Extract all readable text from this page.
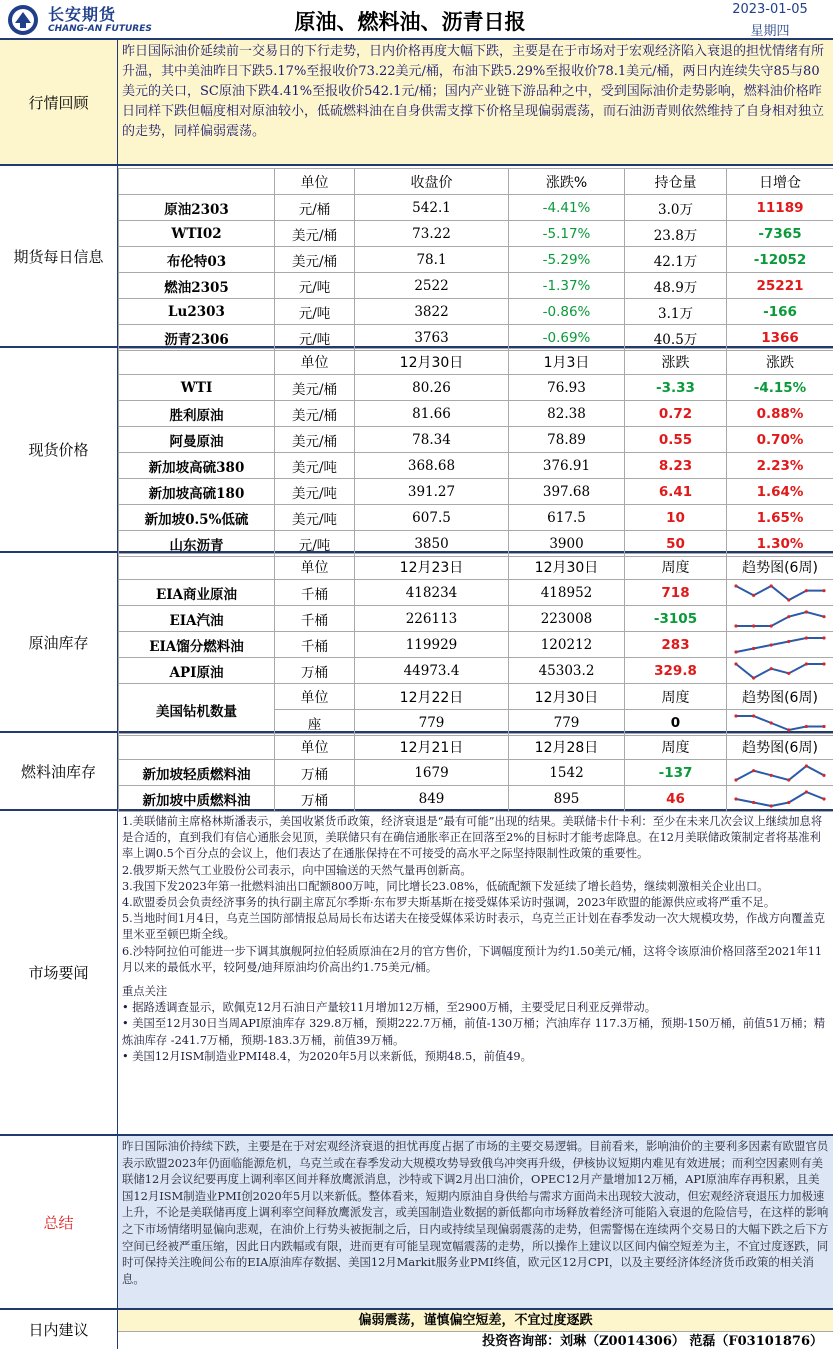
长安期货
CHANG-AN FUTURES	原油、燃料油、沥青日报
2023-01-05
星期四
行情回顾
昨日国际油价延续前一交易日的下行走势，日内价格再度大幅下跌，主要是在于市场对于宏观经济陷入衰退的担忧情绪有所升温，其中美油昨日下跌5.17%至报收价73.22美元/桶，布油下跌5.29%至报收价78.1美元/桶，两日内连续失守85与80美元的关口，SC原油下跌4.41%至报收价542.1元/桶；国内产业链下游品种之中，受到国际油价走势影响，燃料油价格昨日同样下跌但幅度相对原油较小，低硫燃料油在自身供需支撑下价格呈现偏弱震荡，而石油沥青则依然维持了自身相对独立的走势，同样偏弱震荡。
期货每日信息
	单位	收盘价	涨跌%	持仓量	日增仓
原油2303	元/桶	542.1	-4.41%	3.0万	11189
WTI02	美元/桶	73.22	-5.17%	23.8万	-7365
布伦特03	美元/桶	78.1	-5.29%	42.1万	-12052
燃油2305	元/吨	2522	-1.37%	48.9万	25221
Lu2303	元/吨	3822	-0.86%	3.1万	-166
沥青2306	元/吨	3763	-0.69%	40.5万	1366
现货价格
	单位	12月30日	1月3日	涨跌	涨跌
WTI	美元/桶	80.26	76.93	-3.33	-4.15%
胜利原油	美元/桶	81.66	82.38	0.72	0.88%
阿曼原油	美元/桶	78.34	78.89	0.55	0.70%
新加坡高硫380	美元/吨	368.68	376.91	8.23	2.23%
新加坡高硫180	美元/吨	391.27	397.68	6.41	1.64%
新加坡0.5%低硫	美元/吨	607.5	617.5	10	1.65%
山东沥青	元/吨	3850	3900	50	1.30%
原油库存
	单位	12月23日	12月30日	周度	趋势图(6周)
EIA商业原油	千桶	418234	418952	718	

EIA汽油	千桶	226113	223008	-3105	

EIA馏分燃料油	千桶	119929	120212	283	

API原油	万桶	44973.4	45303.2	329.8	

美国钻机数量	单位	12月22日	12月30日	周度	趋势图(6周)
	座	779	779	0	
燃料油库存
	单位	12月21日	12月28日	周度	趋势图(6周)
新加坡轻质燃料油	万桶	1679	1542	-137	

新加坡中质燃料油	万桶	849	895	46	
市场要闻

1.美联储前主席格林斯潘表示，美国收紧货币政策，经济衰退是“最有可能”出现的结果。美联储卡什卡利：至少在未来几次会议上继续加息将是合适的，直到我们有信心通胀会见顶，美联储只有在确信通胀率正在回落至2%的目标时才能考虑降息。在12月美联储政策制定者将基准利率上调0.5个百分点的会议上，他们表达了在通胀保持在不可接受的高水平之际坚持限制性政策的重要性。

2.俄罗斯天然气工业股份公司表示，向中国输送的天然气量再创新高。

3.我国下发2023年第一批燃料油出口配额800万吨，同比增长23.08%，低硫配额下发延续了增长趋势，继续刺激相关企业出口。

4.欧盟委员会负责经济事务的执行副主席瓦尔季斯·东布罗夫斯基斯在接受媒体采访时强调，2023年欧盟的能源供应或将严重不足。

5.当地时间1月4日，乌克兰国防部情报总局局长布达诺夫在接受媒体采访时表示，乌克兰正计划在春季发动一次大规模攻势，作战方向覆盖克里米亚至顿巴斯全线。

6.沙特阿拉伯可能进一步下调其旗舰阿拉伯轻质原油在2月的官方售价，下调幅度预计为约1.50美元/桶，这将令该原油价格回落至2021年11月以来的最低水平，较阿曼/迪拜原油均价高出约1.75美元/桶。

重点关注

• 据路透调查显示，欧佩克12月石油日产量较11月增加12万桶，至2900万桶，主要受尼日利亚反弹带动。

• 美国至12月30日当周API原油库存 329.8万桶，预期222.7万桶，前值-130万桶；汽油库存 117.3万桶，预期-150万桶，前值51万桶；精炼油库存 -241.7万桶，预期-183.3万桶，前值39万桶。

• 美国12月ISM制造业PMI48.4，为2020年5月以来新低，预期48.5，前值49。

总结
昨日国际油价持续下跌，主要是在于对宏观经济衰退的担忧再度占据了市场的主要交易逻辑。目前看来，影响油价的主要利多因素有欧盟官员表示欧盟2023年仍面临能源危机，乌克兰或在春季发动大规模攻势导致俄乌冲突再升级，伊核协议短期内难见有效进展；而利空因素则有美联储12月会议纪要再度上调利率区间并释放鹰派消息，沙特或下调2月出口油价，OPEC12月产量增加12万桶，API原油库存再积累，且美国12月ISM制造业PMI创2020年5月以来新低。整体看来，短期内原油自身供给与需求方面尚未出现较大波动，但宏观经济衰退压力加极速上升，不论是美联储再度上调利率空间释放鹰派发言，或美国制造业数据的新低都向市场释放着经济可能陷入衰退的危险信号，在这样的影响之下市场情绪明显偏向悲观，在油价上行势头被扼制之后，日内或持续呈现偏弱震荡的走势，但需警惕在连续两个交易日的大幅下跌之后下方空间已经被严重压缩，因此日内跌幅或有限，进而更有可能呈现宽幅震荡的走势，所以操作上建议以区间内偏空短差为主，不宜过度逐跌，同时可保持关注晚间公布的EIA原油库存数据、美国12月Markit服务业PMI终值，欧元区12月CPI，以及主要经济体经济货币政策的相关消息。
日内建议
偏弱震荡，谨慎偏空短差，不宜过度逐跌
投资咨询部：刘琳（Z0014306） 范磊（F03101876）
